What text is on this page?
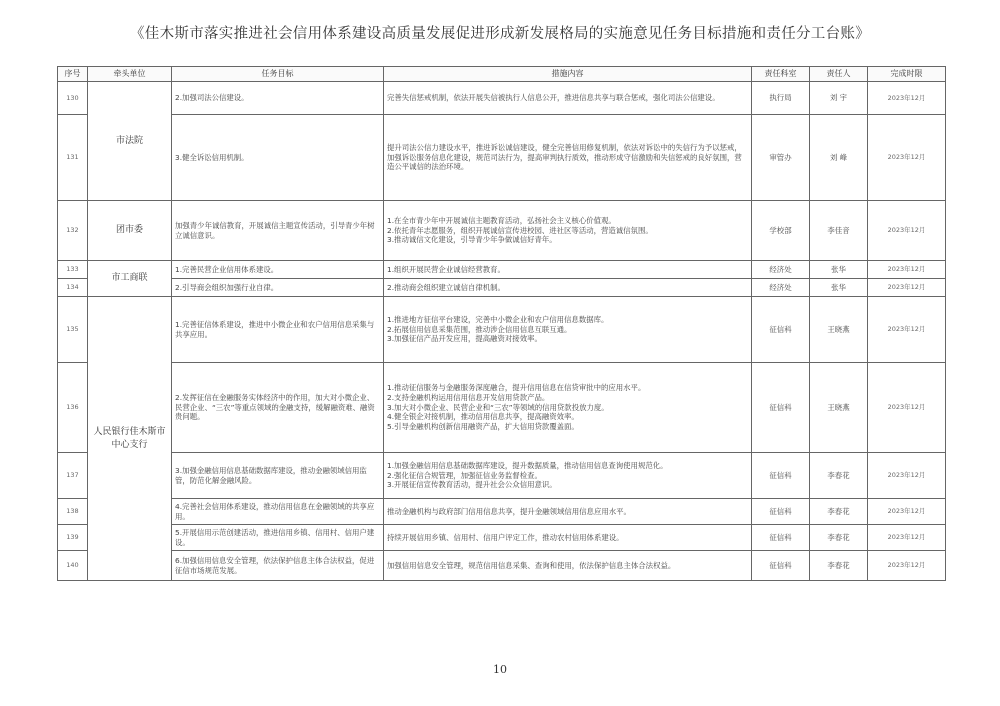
《佳木斯市落实推进社会信用体系建设高质量发展促进形成新发展格局的实施意见任务目标措施和责任分工台账》
序号	牵头单位	任务目标	措施内容	责任科室	责任人	完成时限
130	市法院	2.加强司法公信建设。	完善失信惩戒机制，依法开展失信被执行人信息公开，推进信息共享与联合惩戒，强化司法公信建设。	执行局	刘 宇	2023年12月
131		3.健全诉讼信用机制。	提升司法公信力建设水平，推进诉讼诚信建设，健全完善信用修复机制，依法对诉讼中的失信行为予以惩戒，加强诉讼服务信息化建设，规范司法行为，提高审判执行质效，推动形成守信激励和失信惩戒的良好氛围，营造公平诚信的法治环境。	审管办	刘 峰	2023年12月
132	团市委	加强青少年诚信教育，开展诚信主题宣传活动，引导青少年树立诚信意识。	1.在全市青少年中开展诚信主题教育活动，弘扬社会主义核心价值观。
2.依托青年志愿服务，组织开展诚信宣传进校园、进社区等活动，营造诚信氛围。
3.推动诚信文化建设，引导青少年争做诚信好青年。	学校部	李佳音	2023年12月
133	市工商联	1.完善民营企业信用体系建设。	1.组织开展民营企业诚信经营教育。	经济处	张华	2023年12月
134		2.引导商会组织加强行业自律。	2.推动商会组织建立诚信自律机制。	经济处	张华	2023年12月
135	人民银行佳木斯市中心支行	1.完善征信体系建设，推进中小微企业和农户信用信息采集与共享应用。	1.推进地方征信平台建设，完善中小微企业和农户信用信息数据库。
2.拓展信用信息采集范围，推动涉企信用信息互联互通。
3.加强征信产品开发应用，提高融资对接效率。	征信科	王晓燕	2023年12月
136		2.发挥征信在金融服务实体经济中的作用，加大对小微企业、民营企业、“三农”等重点领域的金融支持，缓解融资难、融资贵问题。	1.推动征信服务与金融服务深度融合，提升信用信息在信贷审批中的应用水平。
2.支持金融机构运用信用信息开发信用贷款产品。
3.加大对小微企业、民营企业和“三农”等领域的信用贷款投放力度。
4.健全银企对接机制，推动信用信息共享，提高融资效率。
5.引导金融机构创新信用融资产品，扩大信用贷款覆盖面。	征信科	王晓燕	2023年12月
137		3.加强金融信用信息基础数据库建设，推动金融领域信用监管，防范化解金融风险。	1.加强金融信用信息基础数据库建设，提升数据质量，推动信用信息查询使用规范化。
2.强化征信合规管理，加强征信业务监督检查。
3.开展征信宣传教育活动，提升社会公众信用意识。	征信科	李春花	2023年12月
138		4.完善社会信用体系建设，推动信用信息在金融领域的共享应用。	推动金融机构与政府部门信用信息共享，提升金融领域信用信息应用水平。	征信科	李春花	2023年12月
139		5.开展信用示范创建活动，推进信用乡镇、信用村、信用户建设。	持续开展信用乡镇、信用村、信用户评定工作，推动农村信用体系建设。	征信科	李春花	2023年12月
140		6.加强信用信息安全管理，依法保护信息主体合法权益，促进征信市场规范发展。	加强信用信息安全管理，规范信用信息采集、查询和使用，依法保护信息主体合法权益。	征信科	李春花	2023年12月
10
